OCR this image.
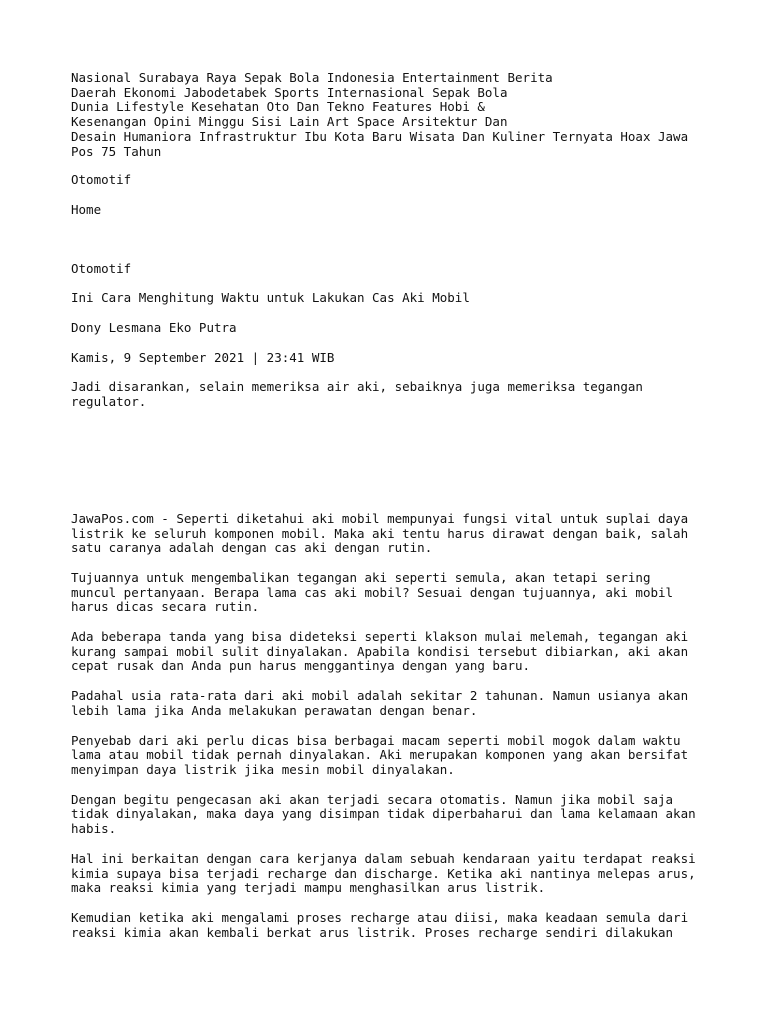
Nasional Surabaya Raya Sepak Bola Indonesia Entertainment Berita
Daerah Ekonomi Jabodetabek Sports Internasional Sepak Bola
Dunia Lifestyle Kesehatan Oto Dan Tekno Features Hobi &
Kesenangan Opini Minggu Sisi Lain Art Space Arsitektur Dan
Desain Humaniora Infrastruktur Ibu Kota Baru Wisata Dan Kuliner Ternyata Hoax Jawa
Pos 75 Tahun

Otomotif

Home

Otomotif

Ini Cara Menghitung Waktu untuk Lakukan Cas Aki Mobil

Dony Lesmana Eko Putra

Kamis, 9 September 2021 | 23:41 WIB

Jadi disarankan, selain memeriksa air aki, sebaiknya juga memeriksa tegangan
regulator.

JawaPos.com - Seperti diketahui aki mobil mempunyai fungsi vital untuk suplai daya
listrik ke seluruh komponen mobil. Maka aki tentu harus dirawat dengan baik, salah
satu caranya adalah dengan cas aki dengan rutin.

Tujuannya untuk mengembalikan tegangan aki seperti semula, akan tetapi sering
muncul pertanyaan. Berapa lama cas aki mobil? Sesuai dengan tujuannya, aki mobil
harus dicas secara rutin.

Ada beberapa tanda yang bisa dideteksi seperti klakson mulai melemah, tegangan aki
kurang sampai mobil sulit dinyalakan. Apabila kondisi tersebut dibiarkan, aki akan
cepat rusak dan Anda pun harus menggantinya dengan yang baru.

Padahal usia rata-rata dari aki mobil adalah sekitar 2 tahunan. Namun usianya akan
lebih lama jika Anda melakukan perawatan dengan benar.

Penyebab dari aki perlu dicas bisa berbagai macam seperti mobil mogok dalam waktu
lama atau mobil tidak pernah dinyalakan. Aki merupakan komponen yang akan bersifat
menyimpan daya listrik jika mesin mobil dinyalakan.

Dengan begitu pengecasan aki akan terjadi secara otomatis. Namun jika mobil saja
tidak dinyalakan, maka daya yang disimpan tidak diperbaharui dan lama kelamaan akan
habis.

Hal ini berkaitan dengan cara kerjanya dalam sebuah kendaraan yaitu terdapat reaksi
kimia supaya bisa terjadi recharge dan discharge. Ketika aki nantinya melepas arus,
maka reaksi kimia yang terjadi mampu menghasilkan arus listrik.

Kemudian ketika aki mengalami proses recharge atau diisi, maka keadaan semula dari
reaksi kimia akan kembali berkat arus listrik. Proses recharge sendiri dilakukan
